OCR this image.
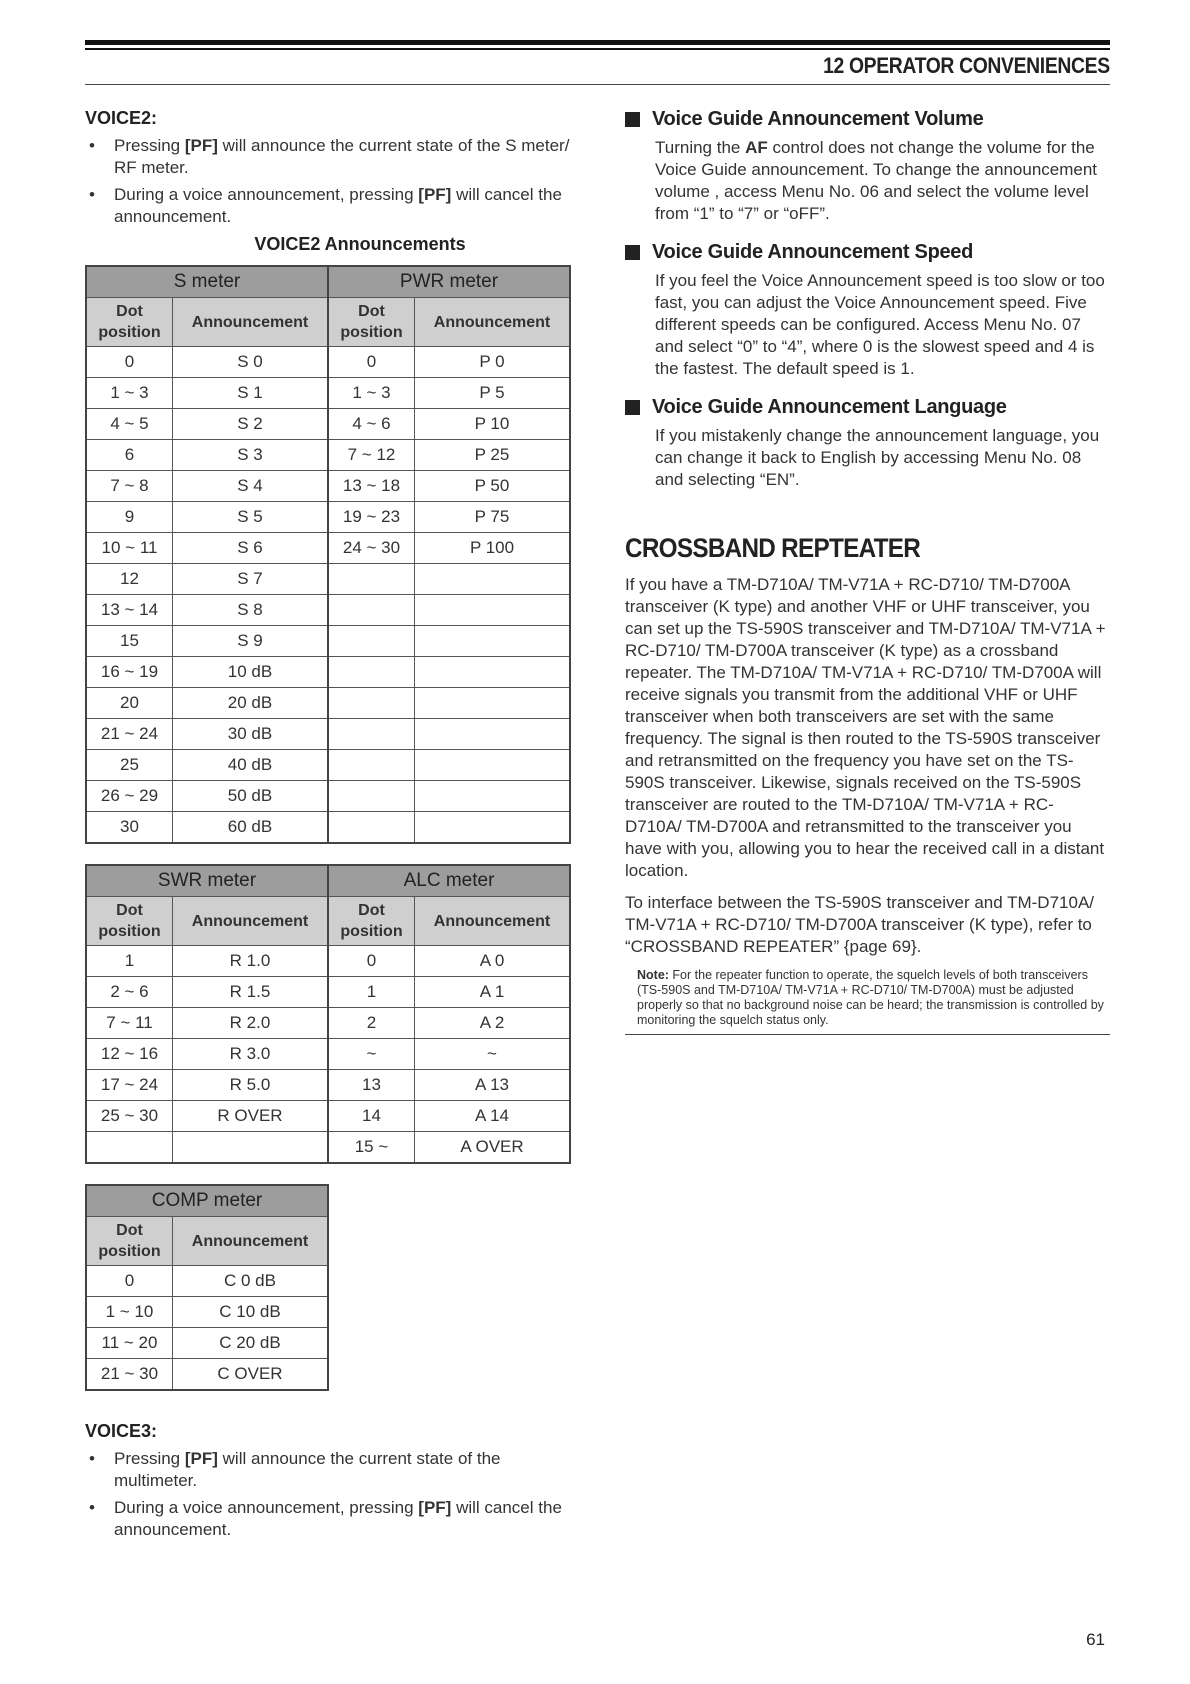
12 OPERATOR CONVENIENCES
VOICE2:
• Pressing [PF] will announce the current state of the S meter/ RF meter.
• During a voice announcement, pressing [PF] will cancel the announcement.
VOICE2 Announcements
S meter		PWR meter	
Dot
position	Announcement	Dot
position	Announcement
0	S 0	0	P 0
1 ~ 3	S 1	1 ~ 3	P 5
4 ~ 5	S 2	4 ~ 6	P 10
6	S 3	7 ~ 12	P 25
7 ~ 8	S 4	13 ~ 18	P 50
9	S 5	19 ~ 23	P 75
10 ~ 11	S 6	24 ~ 30	P 100
12	S 7		
13 ~ 14	S 8		
15	S 9		
16 ~ 19	10 dB		
20	20 dB		
21 ~ 24	30 dB		
25	40 dB		
26 ~ 29	50 dB		
30	60 dB		
SWR meter		ALC meter	
Dot
position	Announcement	Dot
position	Announcement
1	R 1.0	0	A 0
2 ~ 6	R 1.5	1	A 1
7 ~ 11	R 2.0	2	A 2
12 ~ 16	R 3.0	~	~
17 ~ 24	R 5.0	13	A 13
25 ~ 30	R OVER	14	A 14
		15 ~	A OVER
COMP meter	
Dot
position	Announcement
0	C 0 dB
1 ~ 10	C 10 dB
11 ~ 20	C 20 dB
21 ~ 30	C OVER
VOICE3:
• Pressing [PF] will announce the current state of the multimeter.
• During a voice announcement, pressing [PF] will cancel the announcement.
Voice Guide Announcement Volume
Turning the AF control does not change the volume for the Voice Guide announcement. To change the announcement volume , access Menu No. 06 and select the volume level from “1” to “7” or “oFF”.
Voice Guide Announcement Speed
If you feel the Voice Announcement speed is too slow or too fast, you can adjust the Voice Announcement speed. Five different speeds can be configured. Access Menu No. 07 and select “0” to “4”, where 0 is the slowest speed and 4 is the fastest. The default speed is 1.
Voice Guide Announcement Language
If you mistakenly change the announcement language, you can change it back to English by accessing Menu No. 08 and selecting “EN”.
CROSSBAND REPTEATER

If you have a TM-D710A/ TM-V71A + RC-D710/ TM-D700A transceiver (K type) and another VHF or UHF transceiver, you can set up the TS-590S transceiver and TM-D710A/ TM-V71A + RC-D710/ TM-D700A transceiver (K type) as a crossband repeater. The TM-D710A/ TM-V71A + RC-D710/ TM-D700A will receive signals you transmit from the additional VHF or UHF transceiver when both transceivers are set with the same frequency. The signal is then routed to the TS-590S transceiver and retransmitted on the frequency you have set on the TS-590S transceiver. Likewise, signals received on the TS-590S transceiver are routed to the TM-D710A/ TM-V71A + RC-D710A/ TM-D700A and retransmitted to the transceiver you have with you, allowing you to hear the received call in a distant location.

To interface between the TS-590S transceiver and TM-D710A/ TM-V71A + RC-D710/ TM-D700A transceiver (K type), refer to “CROSSBAND REPEATER” {page 69}.

Note: For the repeater function to operate, the squelch levels of both transceivers (TS-590S and TM-D710A/ TM-V71A + RC-D710/ TM-D700A) must be adjusted properly so that no background noise can be heard; the transmission is controlled by monitoring the squelch status only.
61
